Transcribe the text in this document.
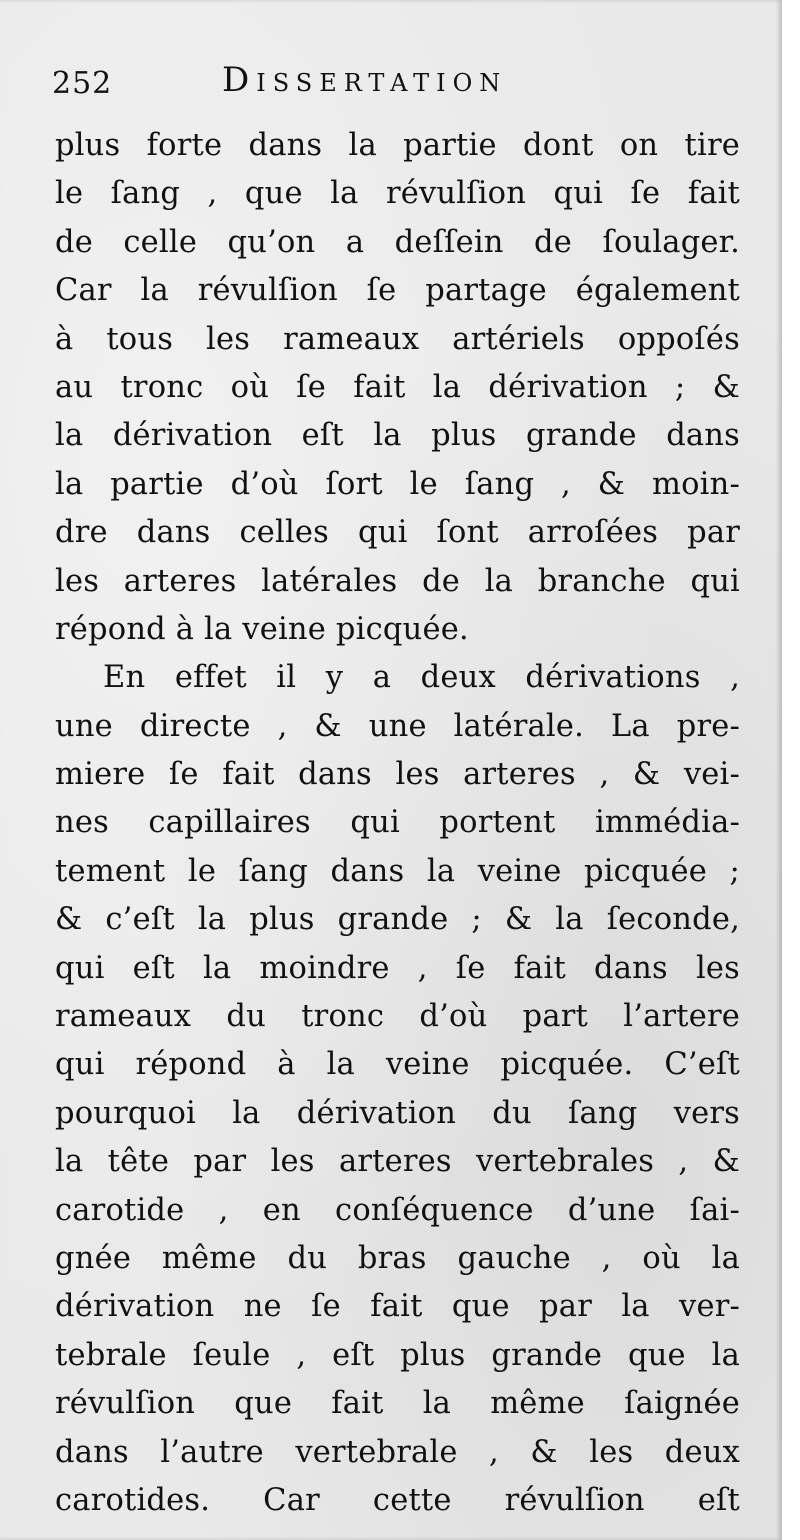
252	Dissertation
plus forte dans la partie dont on tire
le ſang , que la révulſion qui ſe fait
de celle qu’on a deſſein de ſoulager.
Car la révulſion ſe partage également
à tous les rameaux artériels oppoſés
au tronc où ſe fait la dérivation ; &
la dérivation eſt la plus grande dans
la partie d’où ſort le ſang , & moin-
dre dans celles qui ſont arroſées par
les arteres latérales de la branche qui
répond à la veine picquée.
En effet il y a deux dérivations ,
une directe , & une latérale. La pre-
miere ſe fait dans les arteres , & vei-
nes capillaires qui portent immédia-
tement le ſang dans la veine picquée ;
& c’eſt la plus grande ; & la ſeconde,
qui eſt la moindre , ſe fait dans les
rameaux du tronc d’où part l’artere
qui répond à la veine picquée. C’eſt
pourquoi la dérivation du ſang vers
la tête par les arteres vertebrales , &
carotide , en conſéquence d’une ſai-
gnée même du bras gauche , où la
dérivation ne ſe fait que par la ver-
tebrale ſeule , eſt plus grande que la
révulſion que fait la même ſaignée
dans l’autre vertebrale , & les deux
carotides. Car cette révulſion eſt
